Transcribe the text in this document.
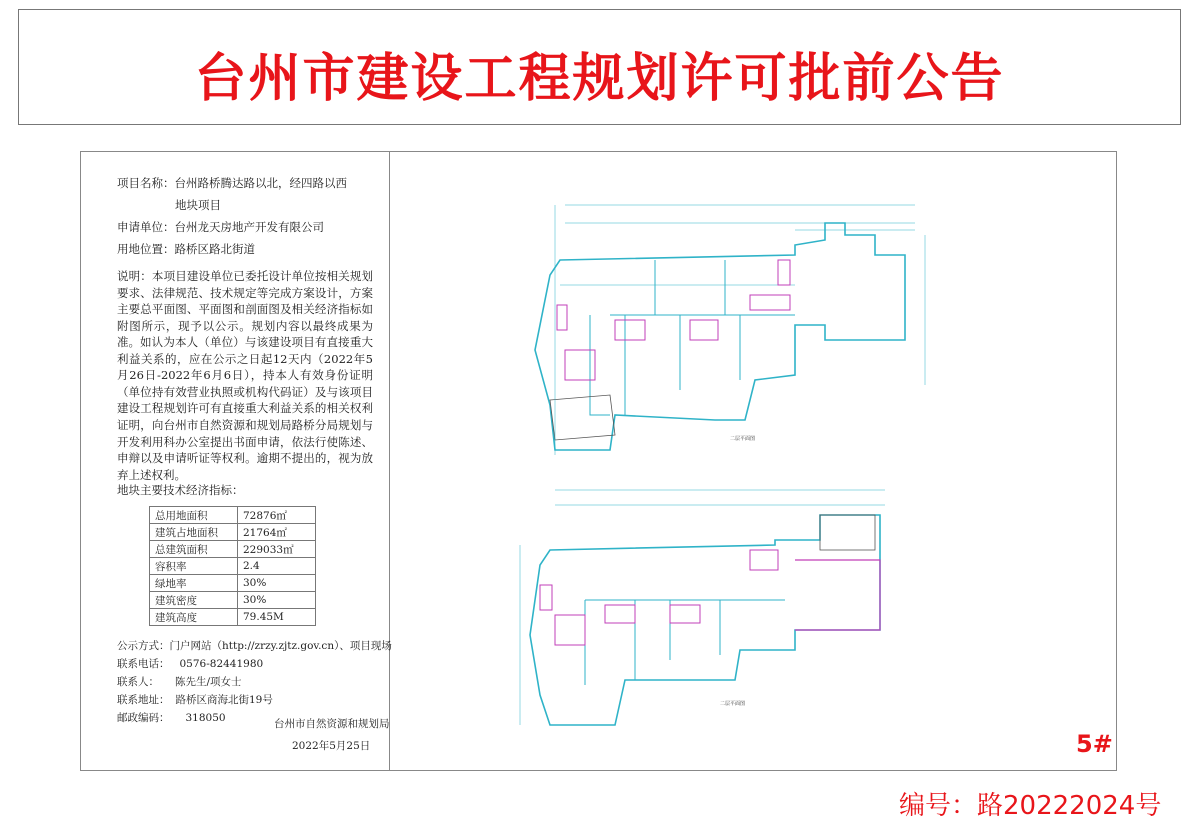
台州市建设工程规划许可批前公告
项目名称：台州路桥腾达路以北，经四路以西
地块项目
申请单位：台州龙天房地产开发有限公司
用地位置：路桥区路北街道
说明：本项目建设单位已委托设计单位按相关规划要求、法律规范、技术规定等完成方案设计，方案主要总平面图、平面图和剖面图及相关经济指标如附图所示，现予以公示。规划内容以最终成果为准。 如认为本人（单位）与该建设项目有直接重大利益关系的，应在公示之日起12天内（2022年5月26日-2022年6月6日），持本人有效身份证明（单位持有效营业执照或机构代码证）及与该项目建设工程规划许可有直接重大利益关系的相关权利证明，向台州市自然资源和规划局路桥分局规划与开发利用科办公室提出书面申请，依法行使陈述、申辩以及申请听证等权利。逾期不提出的，视为放弃上述权利。
地块主要技术经济指标：
总用地面积	72876㎡
建筑占地面积	21764㎡
总建筑面积	229033㎡
容积率	2.4
绿地率	30%
建筑密度	30%
建筑高度	79.45M
公示方式：门户网站（http://zrzy.zjtz.gov.cn）、项目现场
联系电话： 0576-82441980
联系人： 陈先生/项女士
联系地址： 路桥区商海北街19号
邮政编码： 318050	台州市自然资源和规划局
2022年5月25日
二层平面图
二层平面图
5#
编号：路20222024号
